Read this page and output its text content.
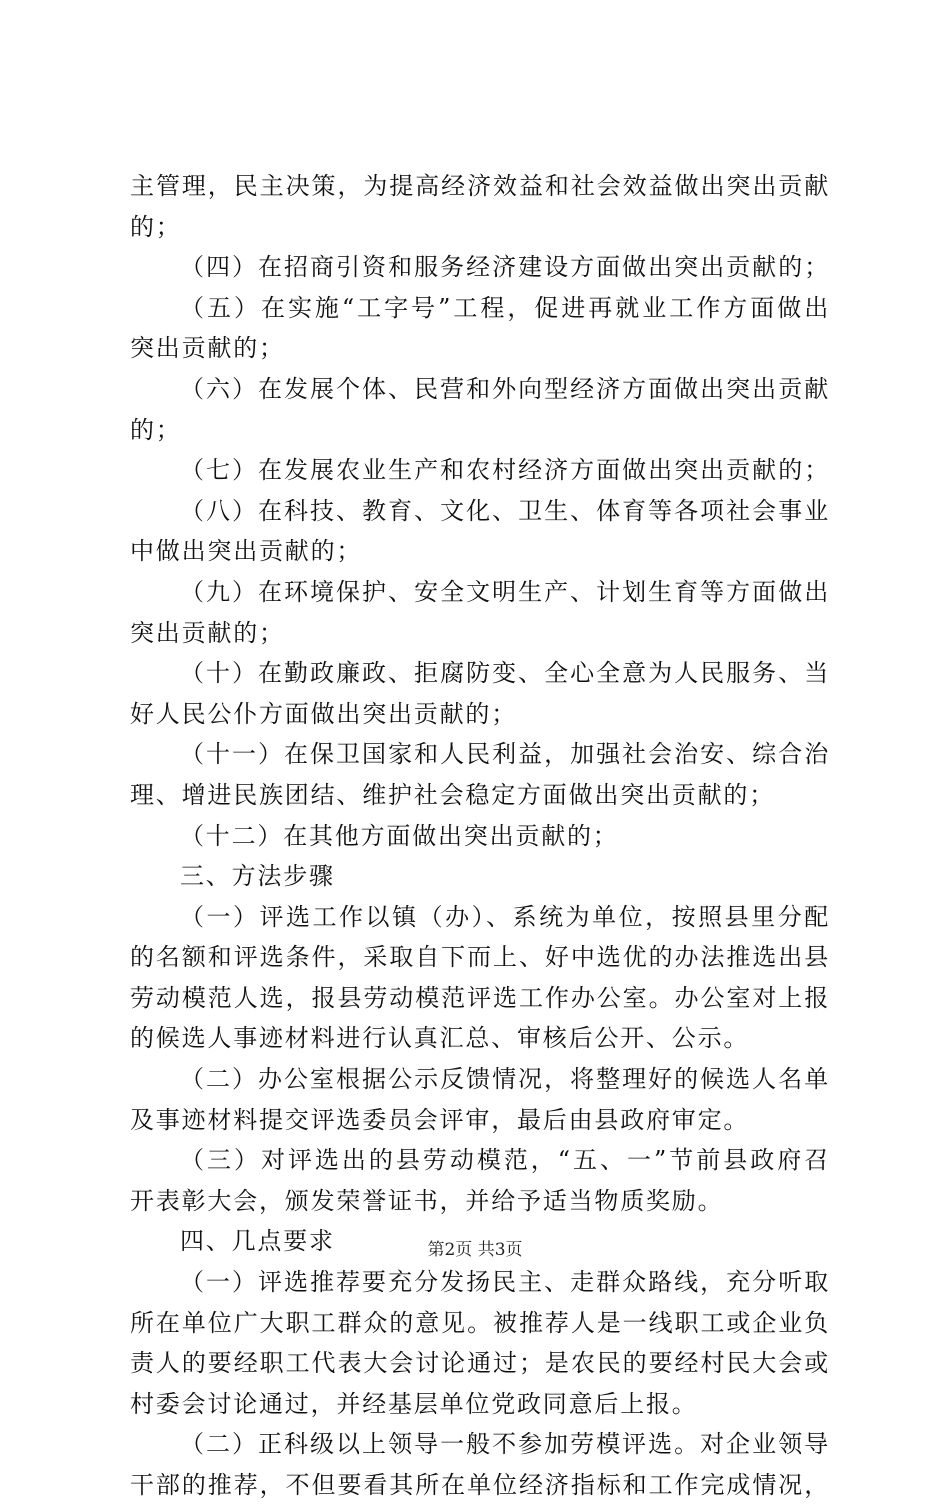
主管理，民主决策，为提高经济效益和社会效益做出突出贡献
的；
（四）在招商引资和服务经济建设方面做出突出贡献的；
（五）在实施“工字号”工程，促进再就业工作方面做出
突出贡献的；
（六）在发展个体、民营和外向型经济方面做出突出贡献
的；
（七）在发展农业生产和农村经济方面做出突出贡献的；
（八）在科技、教育、文化、卫生、体育等各项社会事业
中做出突出贡献的；
（九）在环境保护、安全文明生产、计划生育等方面做出
突出贡献的；
（十）在勤政廉政、拒腐防变、全心全意为人民服务、当
好人民公仆方面做出突出贡献的；
（十一）在保卫国家和人民利益，加强社会治安、综合治
理、增进民族团结、维护社会稳定方面做出突出贡献的；
（十二）在其他方面做出突出贡献的；
三、方法步骤
（一）评选工作以镇（办）、系统为单位，按照县里分配
的名额和评选条件，采取自下而上、好中选优的办法推选出县
劳动模范人选，报县劳动模范评选工作办公室。办公室对上报
的候选人事迹材料进行认真汇总、审核后公开、公示。
（二）办公室根据公示反馈情况，将整理好的候选人名单
及事迹材料提交评选委员会评审，最后由县政府审定。
（三）对评选出的县劳动模范，“五、一”节前县政府召
开表彰大会，颁发荣誉证书，并给予适当物质奖励。
四、几点要求
（一）评选推荐要充分发扬民主、走群众路线，充分听取
所在单位广大职工群众的意见。被推荐人是一线职工或企业负
责人的要经职工代表大会讨论通过；是农民的要经村民大会或
村委会讨论通过，并经基层单位党政同意后上报。
（二）正科级以上领导一般不参加劳模评选。对企业领导
干部的推荐，不但要看其所在单位经济指标和工作完成情况，
第2页 共3页
